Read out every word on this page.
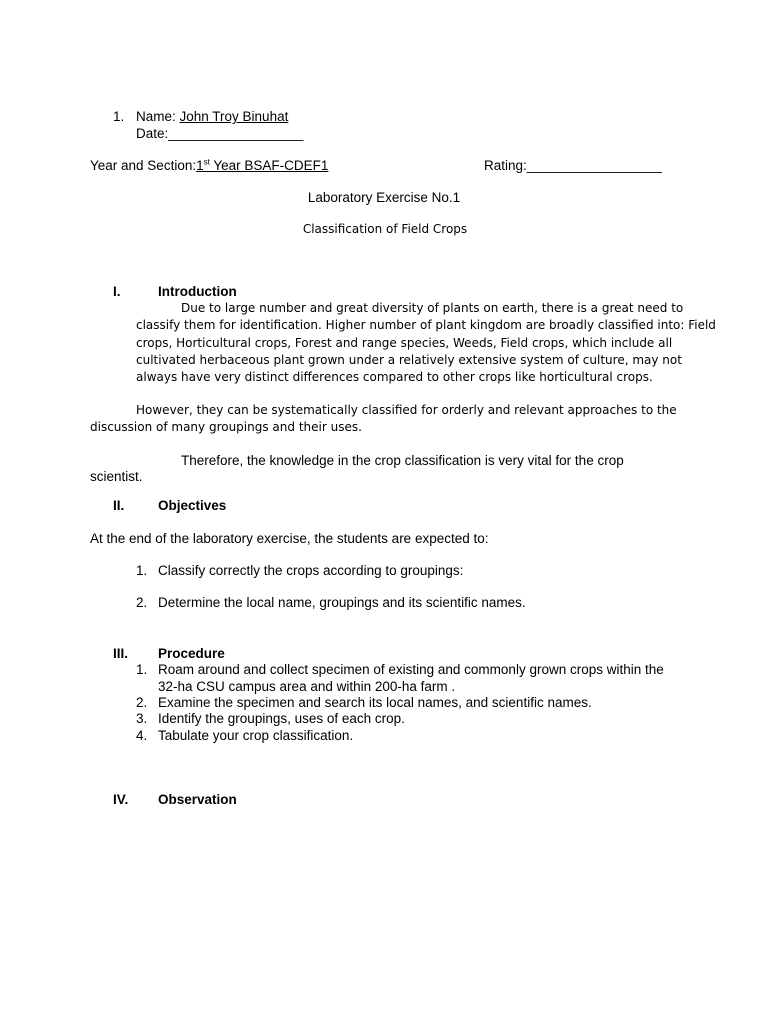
1. Name: John Troy Binuhat
Date:__________________
Year and Section:1st Year BSAF-CDEF1	Rating:__________________
Laboratory Exercise No.1
Classification of Field Crops
I.	Introduction
Due to large number and great diversity of plants on earth, there is a great need to
classify them for identification. Higher number of plant kingdom are broadly classified into: Field
crops, Horticultural crops, Forest and range species, Weeds, Field crops, which include all
cultivated herbaceous plant grown under a relatively extensive system of culture, may not
always have very distinct differences compared to other crops like horticultural crops.
However, they can be systematically classified for orderly and relevant approaches to the
discussion of many groupings and their uses.
Therefore, the knowledge in the crop classification is very vital for the crop
scientist.
II. Objectives
At the end of the laboratory exercise, the students are expected to:
1. Classify correctly the crops according to groupings:
2. Determine the local name, groupings and its scientific names.
III. Procedure
1. Roam around and collect specimen of existing and commonly grown crops within the
32-ha CSU campus area and within 200-ha farm .
2. Examine the specimen and search its local names, and scientific names.
3. Identify the groupings, uses of each crop.
4. Tabulate your crop classification.
IV. Observation
